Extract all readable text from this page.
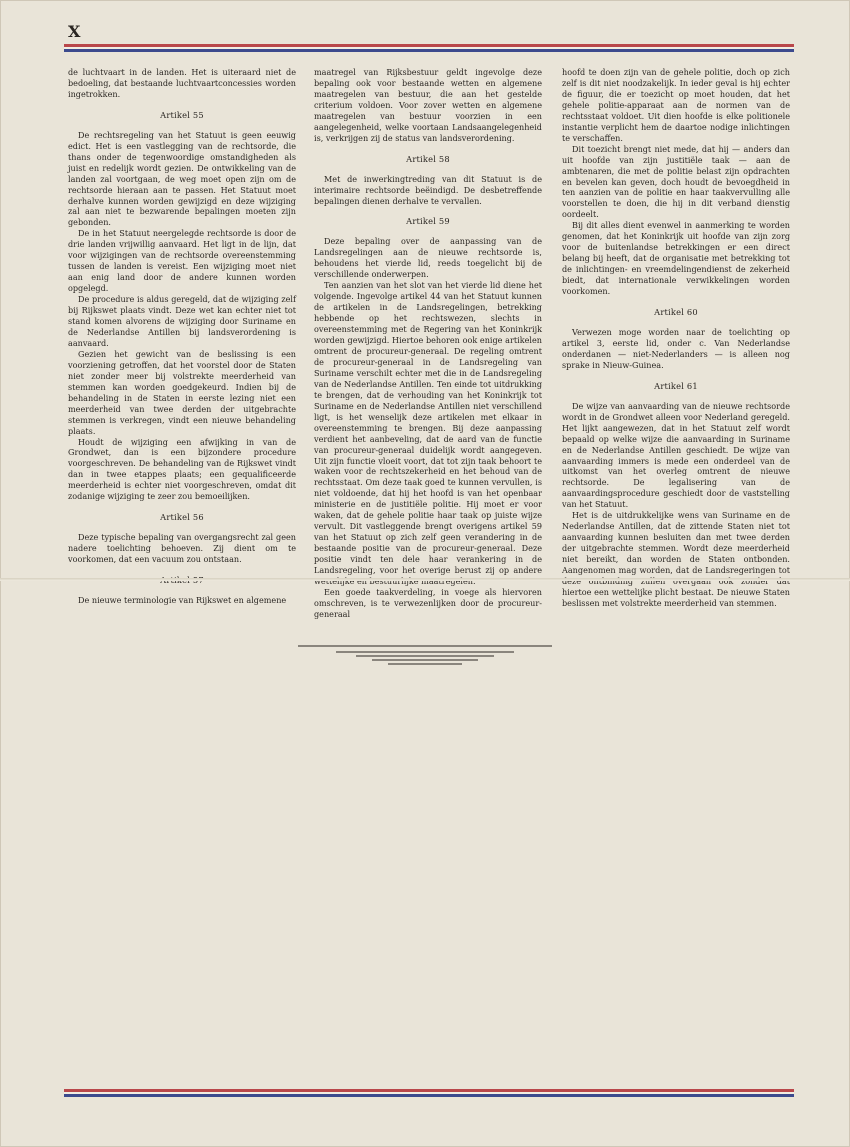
X

de luchtvaart in de landen. Het is uiteraard niet de bedoeling, dat bestaande luchtvaartconcessies worden ingetrokken.

Artikel 55

De rechtsregeling van het Statuut is geen eeuwig edict. Het is een vastlegging van de rechtsorde, die thans onder de tegenwoordige omstandigheden als juist en redelijk wordt gezien. De ontwikkeling van de landen zal voortgaan, de weg moet open zijn om de rechtsorde hieraan aan te passen. Het Statuut moet derhalve kunnen worden gewijzigd en deze wijziging zal aan niet te bezwarende bepalingen moeten zijn gebonden.

De in het Statuut neergelegde rechtsorde is door de drie landen vrijwillig aanvaard. Het ligt in de lijn, dat voor wijzigingen van de rechtsorde overeenstemming tussen de landen is vereist. Een wijziging moet niet aan enig land door de andere kunnen worden opgelegd.

De procedure is aldus geregeld, dat de wijziging zelf bij Rijkswet plaats vindt. Deze wet kan echter niet tot stand komen alvorens de wijziging door Suriname en de Nederlandse Antillen bij landsverordening is aanvaard.

Gezien het gewicht van de beslissing is een voorziening getroffen, dat het voorstel door de Staten niet zonder meer bij volstrekte meerderheid van stemmen kan worden goedgekeurd. Indien bij de behandeling in de Staten in eerste lezing niet een meerderheid van twee derden der uitgebrachte stemmen is verkregen, vindt een nieuwe behandeling plaats.

Houdt de wijziging een afwijking in van de Grondwet, dan is een bijzondere procedure voorgeschreven. De behandeling van de Rijkswet vindt dan in twee etappes plaats; een gequalificeerde meerderheid is echter niet voorgeschreven, omdat dit zodanige wijziging te zeer zou bemoeilijken.

Artikel 56

Deze typische bepaling van overgangsrecht zal geen nadere toelichting behoeven. Zij dient om te voorkomen, dat een vacuum zou ontstaan.

De nieuwe terminologie van Rijkswet en algemene

maatregel van Rijksbestuur geldt ingevolge deze bepaling ook voor bestaande wetten en algemene maatregelen van bestuur, die aan het gestelde criterium voldoen. Voor zover wetten en algemene maatregelen van bestuur voorzien in een aangelegenheid, welke voortaan Landsaangelegenheid is, verkrijgen zij de status van landsverordening.

Artikel 58

Met de inwerkingtreding van dit Statuut is de interimaire rechtsorde beëindigd. De desbetreffende bepalingen dienen derhalve te vervallen.

Artikel 59

Deze bepaling over de aanpassing van de Landsregelingen aan de nieuwe rechtsorde is, behoudens het vierde lid, reeds toegelicht bij de verschillende onderwerpen.

Ten aanzien van het slot van het vierde lid diene het volgende. Ingevolge artikel 44 van het Statuut kunnen de artikelen in de Landsregelingen, betrekking hebbende op het rechtswezen, slechts in overeenstemming met de Regering van het Koninkrijk worden gewijzigd. Hiertoe behoren ook enige artikelen omtrent de procureur-generaal. De regeling omtrent de procureur-generaal in de Landsregeling van Suriname verschilt echter met die in de Landsregeling van de Nederlandse Antillen. Ten einde tot uitdrukking te brengen, dat de verhouding van het Koninkrijk tot Suriname en de Nederlandse Antillen niet verschillend ligt, is het wenselijk deze artikelen met elkaar in overeenstemming te brengen. Bij deze aanpassing verdient het aanbeveling, dat de aard van de functie van procureur-generaal duidelijk wordt aangegeven. Uit zijn functie vloeit voort, dat tot zijn taak behoort te waken voor de rechtszekerheid en het behoud van de rechtsstaat. Om deze taak goed te kunnen vervullen, is niet voldoende, dat hij het hoofd is van het openbaar ministerie en de justitiële politie. Hij moet er voor waken, dat de gehele politie haar taak op juiste wijze vervult. Dit vastleggende brengt overigens artikel 59 van het Statuut op zich zelf geen verandering in de bestaande positie van de procureur-generaal. Deze positie vindt ten dele haar verankering in de Landsregeling, voor het overige berust zij op andere

Een goede taakverdeling, in voege als hiervoren omschreven, is te verwezenlijken door de procureur-generaal

hoofd te doen zijn van de gehele politie, doch op zich zelf is dit niet noodzakelijk. In ieder geval is hij echter de figuur, die er toezicht op moet houden, dat het gehele politie-apparaat aan de normen van de rechtsstaat voldoet. Uit dien hoofde is elke politionele instantie verplicht hem de daartoe nodige inlichtingen te verschaffen.

Dit toezicht brengt niet mede, dat hij — anders dan uit hoofde van zijn justitiële taak — aan de ambtenaren, die met de politie belast zijn opdrachten en bevelen kan geven, doch houdt de bevoegdheid in ten aanzien van de politie en haar taakvervulling alle voorstellen te doen, die hij in dit verband dienstig oordeelt.

Bij dit alles dient evenwel in aanmerking te worden genomen, dat het Koninkrijk uit hoofde van zijn zorg voor de buitenlandse betrekkingen er een direct belang bij heeft, dat de organisatie met betrekking tot de inlichtingen- en vreemdelingendienst de zekerheid biedt, dat internationale verwikkelingen worden voorkomen.

Artikel 60

Verwezen moge worden naar de toelichting op artikel 3, eerste lid, onder c. Van Nederlandse onderdanen — niet-Nederlanders — is alleen nog sprake in Nieuw-Guinea.

Artikel 61

De wijze van aanvaarding van de nieuwe rechtsorde wordt in de Grondwet alleen voor Nederland geregeld. Het lijkt aangewezen, dat in het Statuut zelf wordt bepaald op welke wijze die aanvaarding in Suriname en de Nederlandse Antillen geschiedt. De wijze van aanvaarding immers is mede een onderdeel van de uitkomst van het overleg omtrent de nieuwe rechtsorde. De legalisering van de aanvaardingsprocedure geschiedt door de vaststelling van het Statuut.

Het is de uitdrukkelijke wens van Suriname en de Nederlandse Antillen, dat de zittende Staten niet tot aanvaarding kunnen besluiten dan met twee derden der uitgebrachte stemmen. Wordt deze meerderheid niet bereikt, dan worden de Staten ontbonden. Aangenomen mag worden, dat de Landsregeringen tot hiertoe een wettelijke plicht bestaat. De nieuwe Staten beslissen met volstrekte meerderheid van stemmen.
